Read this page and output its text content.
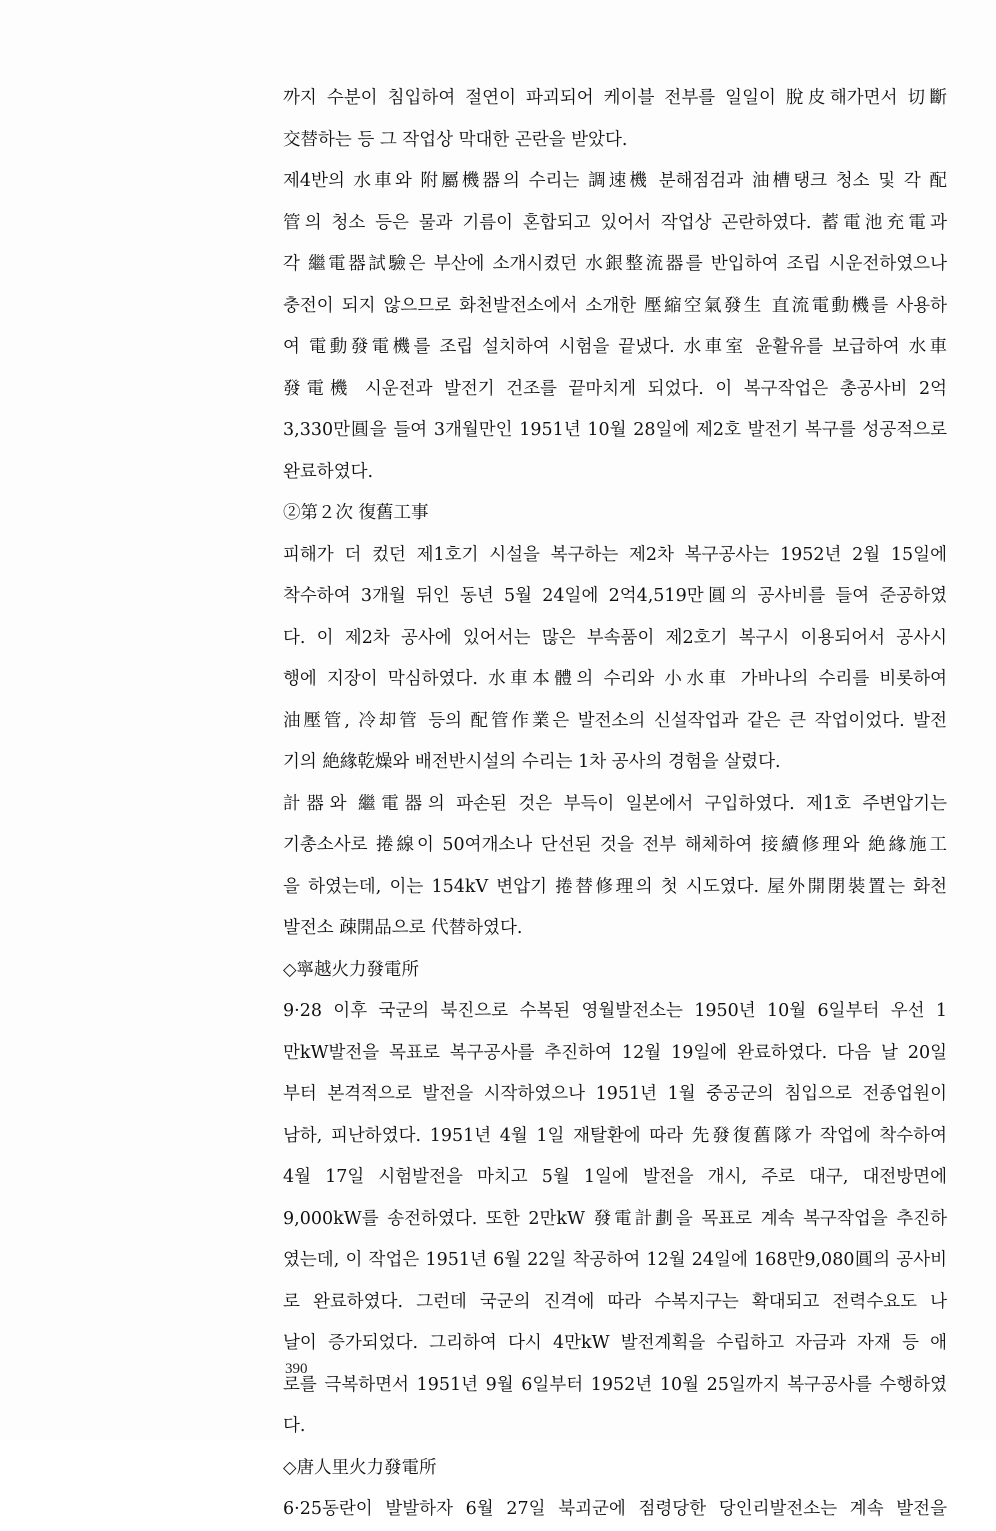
까지 수분이 침입하여 절연이 파괴되어 케이블 전부를 일일이 脫皮해가면서 切斷
交替하는 등 그 작업상 막대한 곤란을 받았다.
제4반의 水車와 附屬機器의 수리는 調速機 분해점검과 油槽탱크 청소 및 각 配
管의 청소 등은 물과 기름이 혼합되고 있어서 작업상 곤란하였다. 蓄電池充電과
각 繼電器試驗은 부산에 소개시켰던 水銀整流器를 반입하여 조립 시운전하였으나
충전이 되지 않으므로 화천발전소에서 소개한 壓縮空氣發生 直流電動機를 사용하
여 電動發電機를 조립 설치하여 시험을 끝냈다. 水車室 윤활유를 보급하여 水車
發電機 시운전과 발전기 건조를 끝마치게 되었다. 이 복구작업은 총공사비 2억
3,330만圓을 들여 3개월만인 1951년 10월 28일에 제2호 발전기 복구를 성공적으로
완료하였다.
②第２次 復舊工事
피해가 더 컸던 제1호기 시설을 복구하는 제2차 복구공사는 1952년 2월 15일에
착수하여 3개월 뒤인 동년 5월 24일에 2억4,519만圓의 공사비를 들여 준공하였
다. 이 제2차 공사에 있어서는 많은 부속품이 제2호기 복구시 이용되어서 공사시
행에 지장이 막심하였다. 水車本體의 수리와 小水車 가바나의 수리를 비롯하여
油壓管, 冷却管 등의 配管作業은 발전소의 신설작업과 같은 큰 작업이었다. 발전
기의 絶緣乾燥와 배전반시설의 수리는 1차 공사의 경험을 살렸다.
計器와 繼電器의 파손된 것은 부득이 일본에서 구입하였다. 제1호 주변압기는
기총소사로 捲線이 50여개소나 단선된 것을 전부 해체하여 接續修理와 絶緣施工
을 하였는데, 이는 154kV 변압기 捲替修理의 첫 시도였다. 屋外開閉裝置는 화천
발전소 疎開品으로 代替하였다.
◇寧越火力發電所
9·28 이후 국군의 북진으로 수복된 영월발전소는 1950년 10월 6일부터 우선 1
만kW발전을 목표로 복구공사를 추진하여 12월 19일에 완료하였다. 다음 날 20일
부터 본격적으로 발전을 시작하였으나 1951년 1월 중공군의 침입으로 전종업원이
남하, 피난하였다. 1951년 4월 1일 재탈환에 따라 先發復舊隊가 작업에 착수하여
4월 17일 시험발전을 마치고 5월 1일에 발전을 개시, 주로 대구, 대전방면에
9,000kW를 송전하였다. 또한 2만kW 發電計劃을 목표로 계속 복구작업을 추진하
였는데, 이 작업은 1951년 6월 22일 착공하여 12월 24일에 168만9,080圓의 공사비
로 완료하였다. 그런데 국군의 진격에 따라 수복지구는 확대되고 전력수요도 나
날이 증가되었다. 그리하여 다시 4만kW 발전계획을 수립하고 자금과 자재 등 애
로를 극복하면서 1951년 9월 6일부터 1952년 10월 25일까지 복구공사를 수행하였
다.
◇唐人里火力發電所
6·25동란이 발발하자 6월 27일 북괴군에 점령당한 당인리발전소는 계속 발전을
390
